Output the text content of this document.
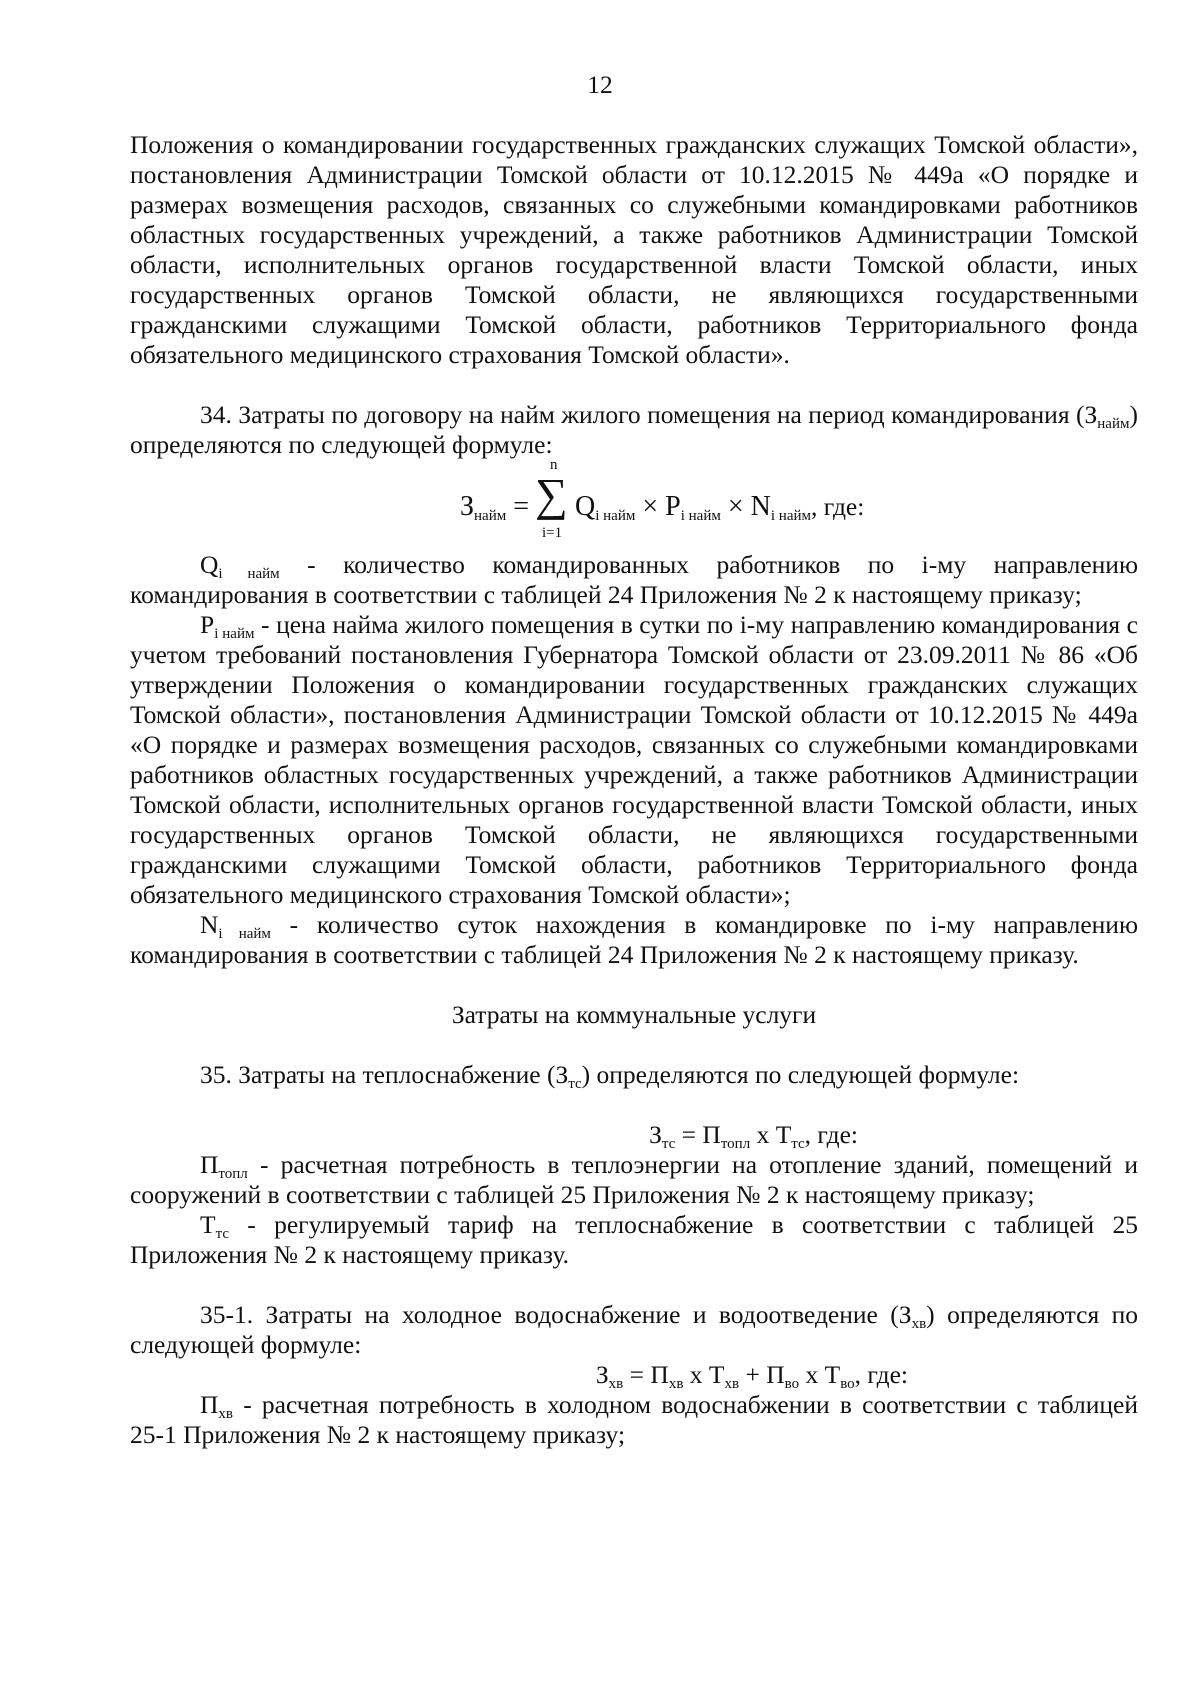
12

Положения о командировании государственных гражданских служащих Томской области», постановления Администрации Томской области от 10.12.2015 № 449а «О порядке и размерах возмещения расходов, связанных со служебными командировками работников областных государственных учреждений, а также работников Администрации Томской области, исполнительных органов государственной власти Томской области, иных государственных органов Томской области, не являющихся государственными гражданскими служащими Томской области, работников Территориального фонда обязательного медицинского страхования Томской области».

34. Затраты по договору на найм жилого помещения на период командирования $(З_{найм})$ определяются по следующей формуле:

$З_{найм}$ =
n
∑
i=1
$Q_{i найм} \times P_{i найм} \times N_{i найм}$, где:

$Q_{i найм}$ - количество командированных работников по i-му направлению командирования в соответствии с таблицей 24 Приложения № 2 к настоящему приказу;

$P_{i найм}$ - цена найма жилого помещения в сутки по i-му направлению командирования с учетом требований постановления Губернатора Томской области от 23.09.2011 № 86 «Об утверждении Положения о командировании государственных гражданских служащих Томской области», постановления Администрации Томской области от 10.12.2015 № 449а «О порядке и размерах возмещения расходов, связанных со служебными командировками работников областных государственных учреждений, а также работников Администрации Томской области, исполнительных органов государственной власти Томской области, иных государственных органов Томской области, не являющихся государственными гражданскими служащими Томской области, работников Территориального фонда обязательного медицинского страхования Томской области»;

$N_{i найм}$ - количество суток нахождения в командировке по i-му направлению командирования в соответствии с таблицей 24 Приложения № 2 к настоящему приказу.

Затраты на коммунальные услуги

35. Затраты на теплоснабжение $(З_{тс})$ определяются по следующей формуле:

$З_{тс} = П_{топл}$ x $Т_{тс}$, где:

$П_{топл}$ - расчетная потребность в теплоэнергии на отопление зданий, помещений и сооружений в соответствии с таблицей 25 Приложения № 2 к настоящему приказу;

$Т_{тс}$ - регулируемый тариф на теплоснабжение в соответствии с таблицей 25 Приложения № 2 к настоящему приказу.

35-1. Затраты на холодное водоснабжение и водоотведение $(З_{хв})$ определяются по следующей формуле:

$З_{хв} = П_{хв}$ x $Т_{хв} + П_{во}$ x $Т_{во}$, где:

$П_{хв}$ - расчетная потребность в холодном водоснабжении в соответствии с таблицей 25-1 Приложения № 2 к настоящему приказу;
